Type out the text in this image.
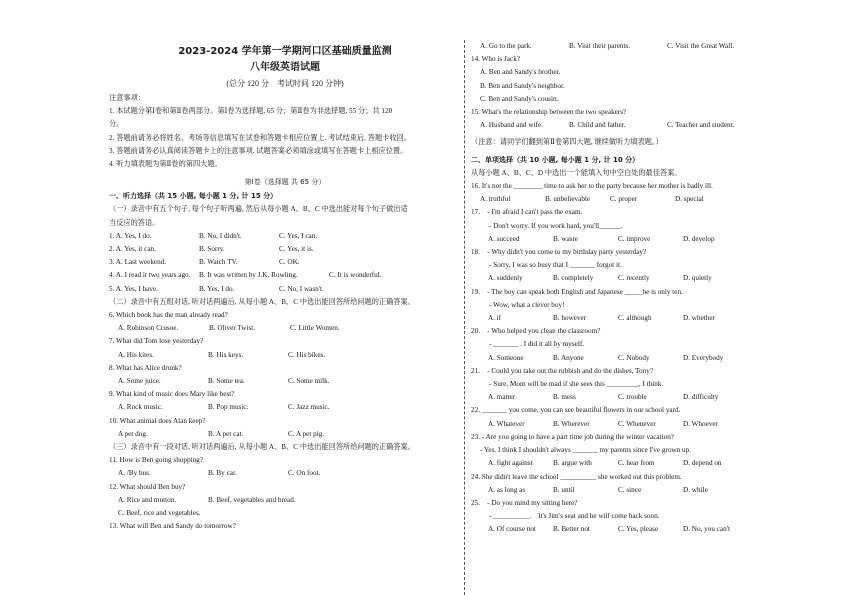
2023-2024 学年第一学期河口区基础质量监测
八年级英语试题
(总分 120 分　考试时间 120 分钟)
注意事项：
1. 本试题分第Ⅰ卷和第Ⅱ卷两部分。第Ⅰ卷为选择题, 65 分；第Ⅱ卷为非选择题, 55 分；共 120
分。
2. 答题前请务必将姓名、考场等信息填写在试卷和答题卡相应位置上. 考试结束后, 答题卡收回。
3. 答题前请务必认真阅读答题卡上的注意事项. 试题答案必须填涂或填写在答题卡上相应位置。
4. 听力填表题为第Ⅱ卷的第四大题。
第Ⅰ卷（选择题 共 65 分）
一、听力选择（共 15 小题, 每小题 1 分, 计 15 分）
（一）录音中有五个句子, 每个句子听两遍, 然后从每小题 A、B、C 中选出能对每个句子做出适
当反应的答语。
1. A. Yes, I do.	B. No, I didn't.	C. Yes, I can.
2. A. Yes, it can.	B. Sorry.	C. Yes, it is.
3. A. Last weekend.	B. Watch TV.	C. OK.
4. A. I read it two years ago. B. It was written by J.K. Rowling.	C. It is wonderful.
5. A. Yes, I have.	B. Yes, I do.	C. No, I wasn't.
（二）录音中有五组对话, 听对话两遍后, 从每小题 A、B、C 中选出能回答所给问题的正确答案。
6. Which book has the man already read?
A. Robinson Crusoe.	B. Oliver Twist.	C. Little Women.
7. What did Tom lose yesterday?
A. His kites.	B. His keys.	C. His bikes.
8. What has Alice drunk?
A. Some juice.	B. Some tea.	C. Some milk.
9. What kind of music does Mary like best?
A. Rock music.	B. Pop music.	C. Jazz music.
10. What animal does Alan keep?
A pet dog.	B. A pet cat.	C. A pet pig.
（三）录音中有一段对话, 听对话两遍后, 从每小题 A、B、C 中选出能回答所给问题的正确答案。
11. How is Ben going shopping?
A. /By bus.	B. By car.	C. On foot.
12. What should Ben buy?
A. Rice and mutton.	B. Beef, vegetables and bread.
C. Beef, rice and vegetables.
13. What will Ben and Sandy do tomorrow?
A. Go to the park.	B. Visit their parents.	C. Visit the Great Wall.
14. Who is Jack?
A. Ben and Sandy's brother.
B. Ben and Sandy's neighbor.
C. Ben and Sandy's cousin.
15. What's the relationship between the two speakers?
A. Husband and wife.	B. Child and father.	C. Teacher and student.
（注意：请同学们翻到第Ⅱ卷第四大题, 继续做听力填表题。）
二、单项选择（共 10 小题, 每小题 1 分, 计 10 分）
从每小题 A、B、C、D 中选出一个能填入句中空白处的最佳答案。
16. It's not the ________ time to ask her to the party because her mother is badly ill.
A. truthful	B. unbelievable	C. proper	D. special
17.　- I'm afraid I can't pass the exam.
- Don't worry. If you work hard, you'll______.
A. succeed	B. waste	C. improve	D. develop
18.　- Why didn't you come to my birthday party yesterday?
- Sorry, I was so busy that I _______ forgot it.
A. suddenly	B. completely	C. recently	D. quietly
19.　- The boy can speak both English and Japanese _____he is only ten.
- Wow, what a clever boy!
A. if	B. however	C. although	D. whether
20.　- Who helped you clean the classroom?
- _______ . I did it all by myself.
A. Someone	B. Anyone	C. Nobody	D. Everybody
21.　- Could you take out the rubbish and do the dishes, Tony?
- Sure, Mom will be mad if she sees this _________, I think.
A. matter	B. mess	C. trouble	D. difficulty
22. _______ you come, you can see beautiful flowers in our school yard.
A. Whatever	B. Wherever	C. Whenever	D. Whoever
23. - Are you going to have a part time job during the winter vacation?
- Yes. I think I shouldn't always _______ my parents since I've grown up.
A. fight against	B. argue with	C. hear from	D. depend on
24. She didn't leave the school __________ she worked out this problem.
A. as long as	B. until	C. since	D. while
25.　- Do you mind my sitting here?
- __________.　It's Jim's seat and he will come back soon.
A. Of course not B. Better not	C. Yes, please	D. No, you can't
